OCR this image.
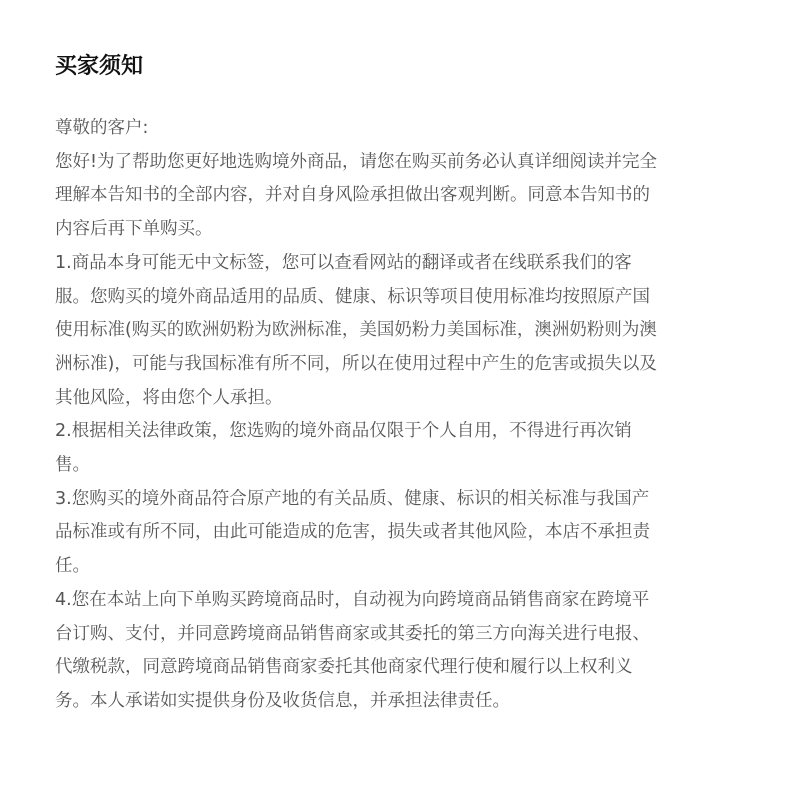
买家须知

尊敬的客户:

您好!为了帮助您更好地选购境外商品，请您在购买前务必认真详细阅读并完全
理解本告知书的全部内容，并对自身风险承担做出客观判断。同意本告知书的
内容后再下单购买。

1.商品本身可能无中文标签，您可以查看网站的翻译或者在线联系我们的客
服。您购买的境外商品适用的品质、健康、标识等项目使用标准均按照原产国
使用标准(购买的欧洲奶粉为欧洲标准，美国奶粉力美国标准，澳洲奶粉则为澳
洲标准)，可能与我国标准有所不同，所以在使用过程中产生的危害或损失以及
其他风险，将由您个人承担。

2.根据相关法律政策，您选购的境外商品仅限于个人自用，不得进行再次销
售。

3.您购买的境外商品符合原产地的有关品质、健康、标识的相关标准与我国产
品标准或有所不同，由此可能造成的危害，损失或者其他风险，本店不承担责
任。

4.您在本站上向下单购买跨境商品时，自动视为向跨境商品销售商家在跨境平
台订购、支付，并同意跨境商品销售商家或其委托的第三方向海关进行电报、
代缴税款，同意跨境商品销售商家委托其他商家代理行使和履行以上权利义
务。本人承诺如实提供身份及收货信息，并承担法律责任。
